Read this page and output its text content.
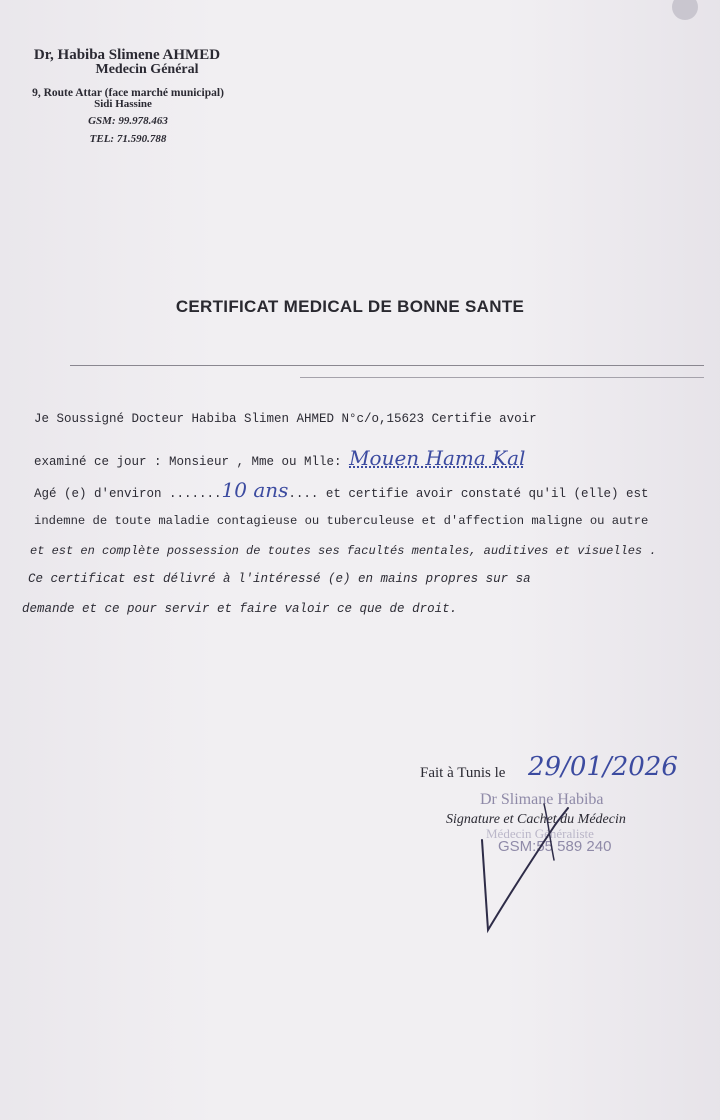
Dr, Habiba Slimene AHMED
Medecin Général
9, Route Attar (face marché municipal)
Sidi Hassine
GSM: 99.978.463
TEL: 71.590.788
CERTIFICAT MEDICAL DE BONNE SANTE
Je Soussigné Docteur Habiba Slimen AHMED N°c/o,15623 Certifie avoir
examiné ce jour : Monsieur , Mme ou Mlle: Mouen Hama Kal
Agé (e) d'environ .......10 ans.... et certifie avoir constaté qu'il (elle) est
indemne de toute maladie contagieuse ou tuberculeuse et d'affection maligne ou autre
et est en complète possession de toutes ses facultés mentales, auditives et visuelles .
Ce certificat est délivré à l'intéressé (e) en mains propres sur sa
demande et ce pour servir et faire valoir ce que de droit.
Fait à Tunis le 29/01/2026
Dr Slimane Habiba
Signature et Cachet du Médecin
Médecin Généraliste
GSM:55 589 240
